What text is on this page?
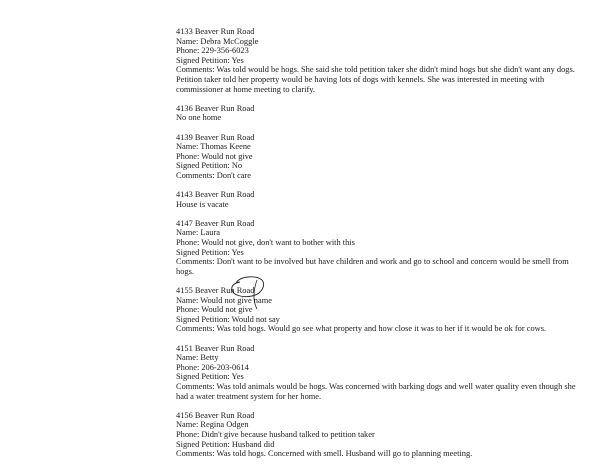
4133 Beaver Run Road
Name: Debra McCoggle
Phone: 229-356-6023
Signed Petition: Yes
Comments: Was told would be hogs. She said she told petition taker she didn't mind hogs but she didn't want any dogs. Petition taker told her property would be having lots of dogs with kennels. She was interested in meeting with commissioner at home meeting to clarify.
4136 Beaver Run Road
No one home
4139 Beaver Run Road
Name: Thomas Keene
Phone: Would not give
Signed Petition: No
Comments: Don't care
4143 Beaver Run Road
House is vacate
4147 Beaver Run Road
Name: Laura
Phone: Would not give, don't want to bother with this
Signed Petition: Yes
Comments: Don't want to be involved but have children and work and go to school and concern would be smell from hogs.
4155 Beaver Run Road
Name: Would not give name
Phone: Would not give
Signed Petition: Would not say
Comments: Was told hogs. Would go see what property and how close it was to her if it would be ok for cows.
4151 Beaver Run Road
Name: Betty
Phone: 206-203-0614
Signed Petition: Yes
Comments: Was told animals would be hogs. Was concerned with barking dogs and well water quality even though she had a water treatment system for her home.
4156 Beaver Run Road
Name: Regina Odgen
Phone: Didn't give because husband talked to petition taker
Signed Petition: Husband did
Comments: Was told hogs. Concerned with smell. Husband will go to planning meeting.
